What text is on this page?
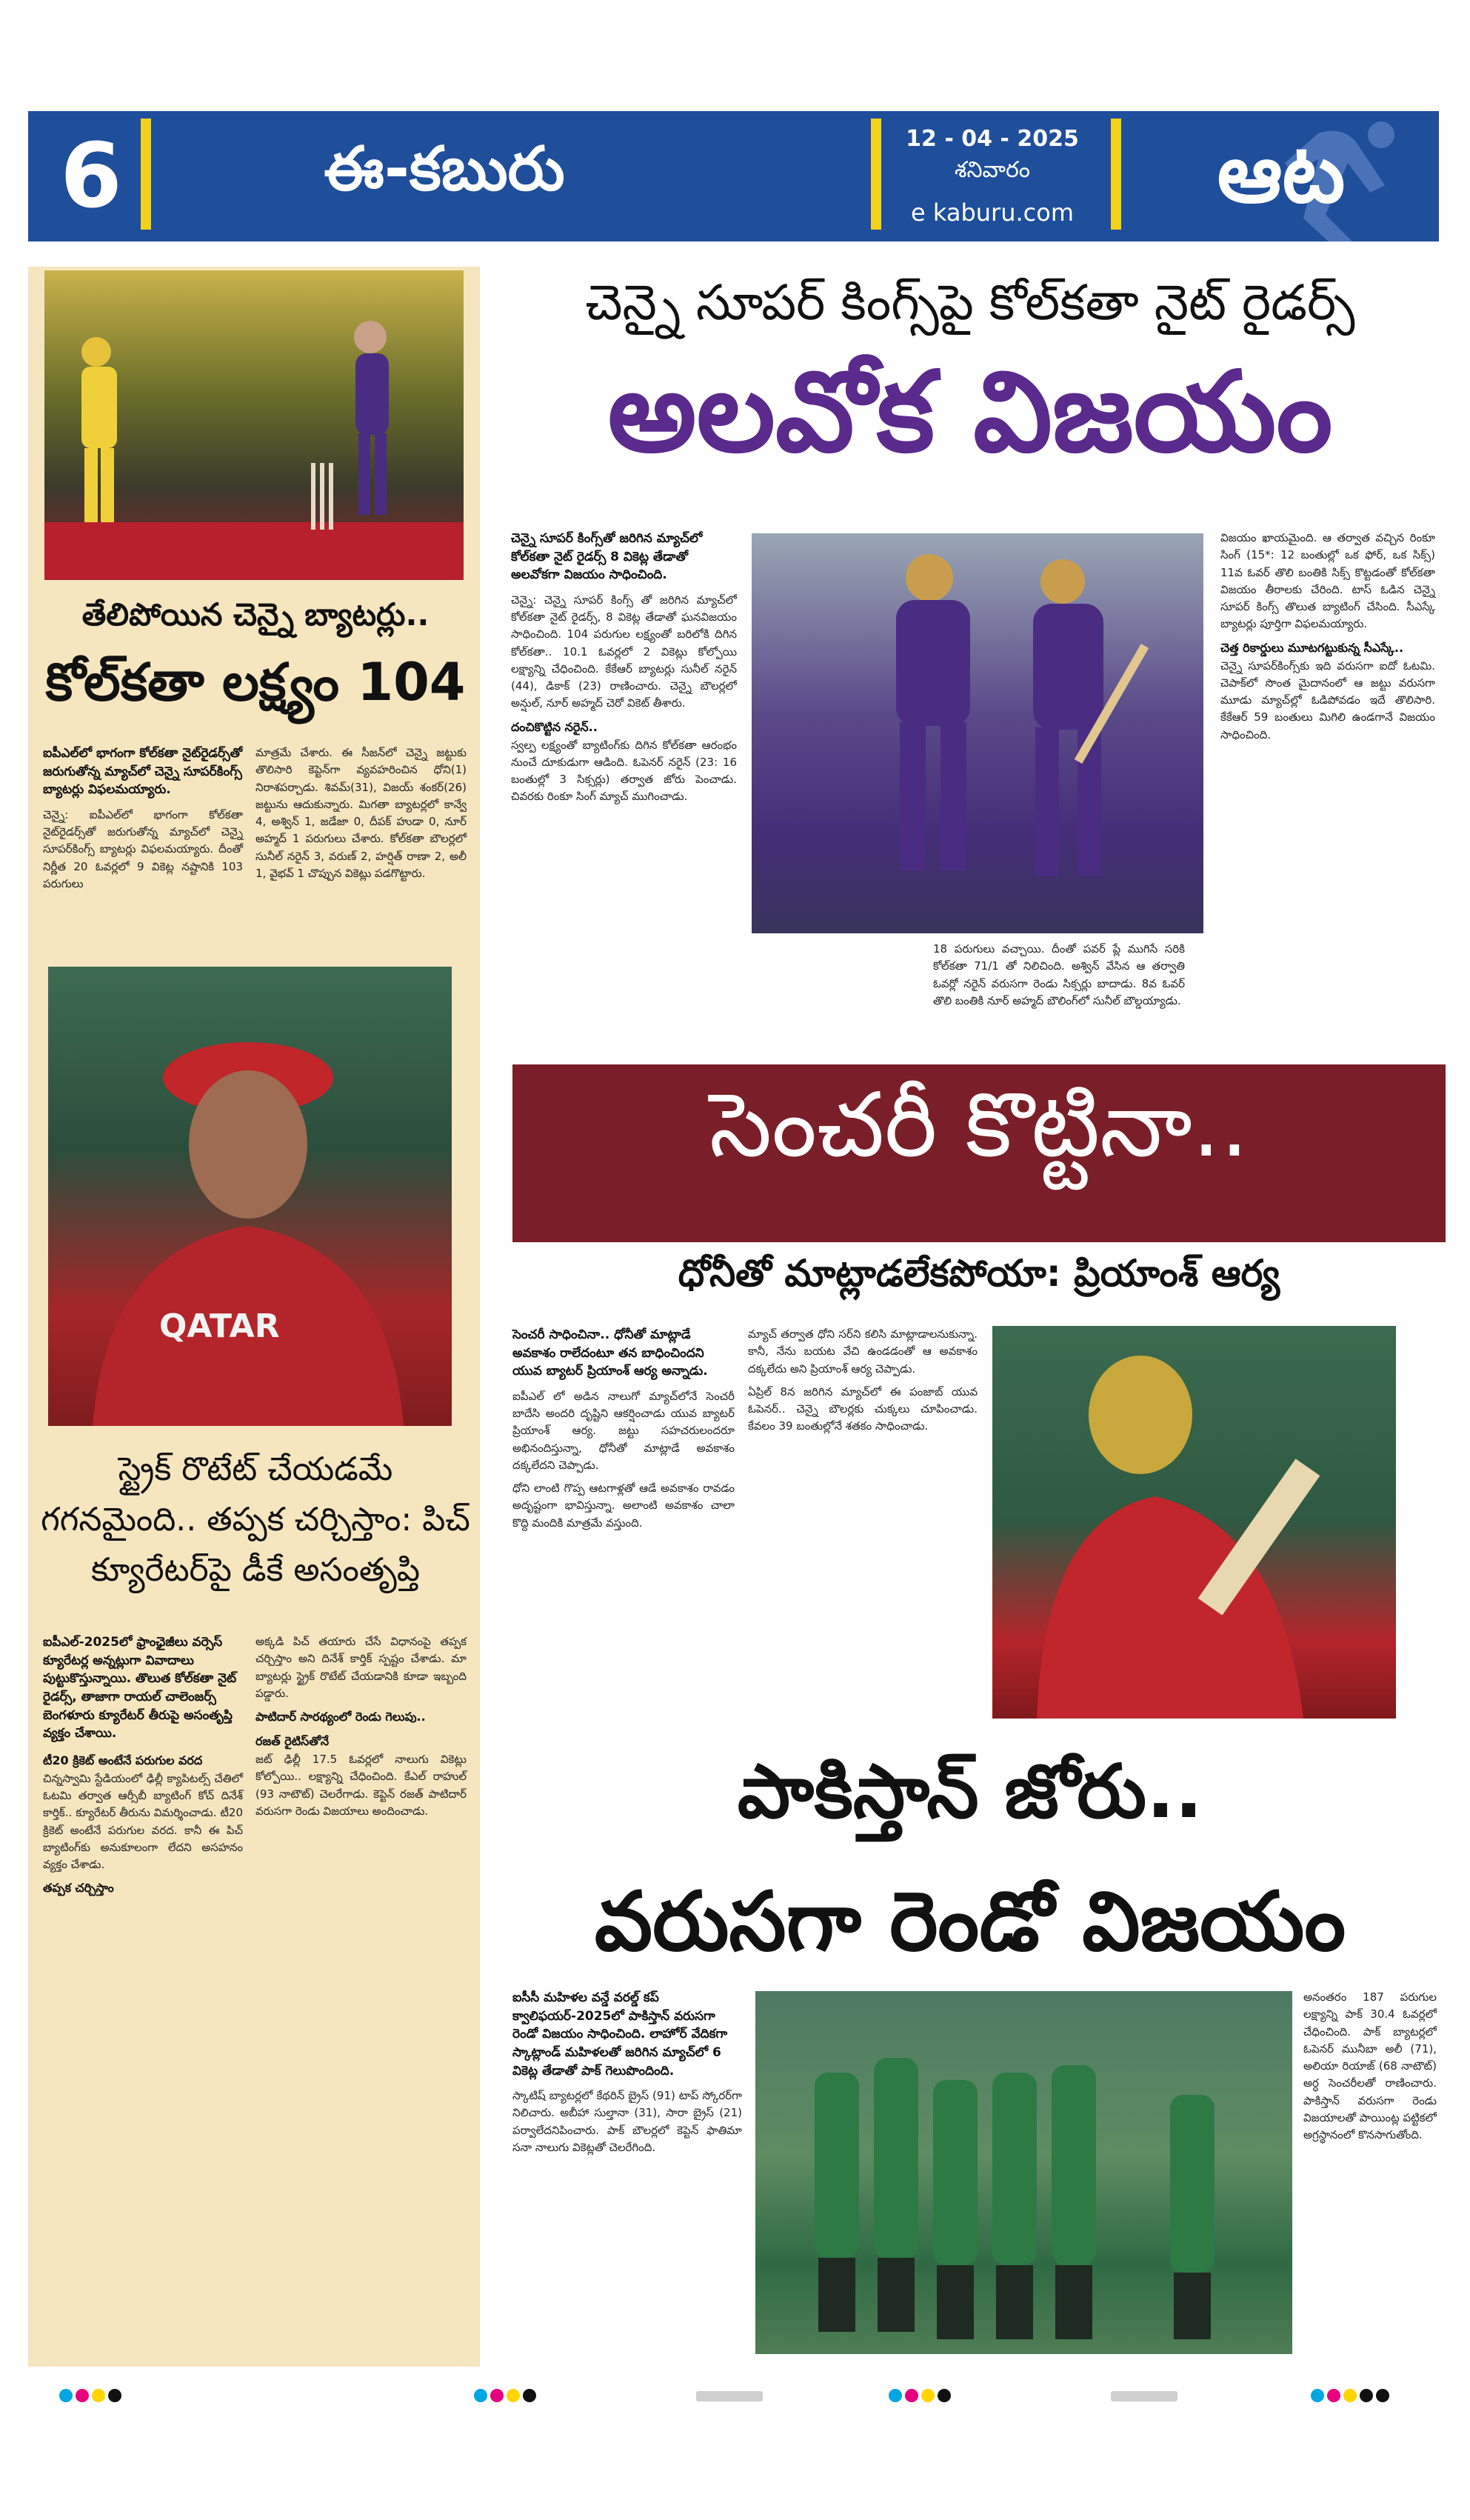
6	ఈ-కబురు	12 - 04 - 2025
శనివారం
e kaburu.com	ఆట
తేలిపోయిన చెన్నై బ్యాటర్లు..
కోల్‌కతా లక్ష్యం 104
ఐపీఎల్‌లో భాగంగా కోల్‌కతా నైట్‌రైడర్స్‌తో జరుగుతోన్న మ్యాచ్‌లో చెన్నై సూపర్‌కింగ్స్ బ్యాటర్లు విఫలమయ్యారు.
చెన్నై: ఐపీఎల్‌లో భాగంగా కోల్‌కతా నైట్‌రైడర్స్‌తో జరుగుతోన్న మ్యాచ్‌లో చెన్నై సూపర్‌కింగ్స్ బ్యాటర్లు విఫలమయ్యారు. దీంతో నిర్ణీత 20 ఓవర్లలో 9 వికెట్ల నష్టానికి 103 పరుగులు
మాత్రమే చేశారు. ఈ సీజన్‌లో చెన్నై జట్టుకు తొలిసారి కెప్టెన్‌గా వ్యవహరించిన ధోని(1) నిరాశపర్చాడు. శివమ్(31), విజయ్ శంకర్(26) జట్టును ఆదుకున్నారు. మిగతా బ్యాటర్లలో కాన్వే 4, అశ్విన్ 1, జడేజా 0, దీపక్ హుడా 0, నూర్ అహ్మద్ 1 పరుగులు చేశారు. కోల్‌కతా బౌలర్లలో సునీల్ నరైన్ 3, వరుణ్ 2, హర్షిత్ రాణా 2, అలీ 1, వైభవ్ 1 చొప్పున వికెట్లు పడగొట్టారు.
QATAR
స్ట్రైక్ రొటేట్ చేయడమే గగనమైంది.. తప్పక చర్చిస్తాం: పిచ్ క్యూరేటర్‌పై డీకే అసంతృప్తి
ఐపీఎల్-2025లో ఫ్రాంఛైజీలు వర్సెస్ క్యూరేటర్ల అన్నట్లుగా వివాదాలు పుట్టుకొస్తున్నాయి. తొలుత కోల్‌కతా నైట్ రైడర్స్, తాజాగా రాయల్ చాలెంజర్స్ బెంగళూరు క్యూరేటర్ తీరుపై అసంతృప్తి వ్యక్తం చేశాయి.
టీ20 క్రికెట్ అంటేనే పరుగుల వరద
చిన్నస్వామి స్టేడియంలో ఢిల్లీ క్యాపిటల్స్ చేతిలో ఓటమి తర్వాత ఆర్సీబీ బ్యాటింగ్ కోచ్ దినేశ్ కార్తిక్.. క్యూరేటర్ తీరును విమర్శించాడు. టీ20 క్రికెట్ అంటేనే పరుగుల వరద. కానీ ఈ పిచ్ బ్యాటింగ్‌కు అనుకూలంగా లేదని అసహనం వ్యక్తం చేశాడు.
తప్పక చర్చిస్తాం
అక్కడి పిచ్ తయారు చేసే విధానంపై తప్పక చర్చిస్తాం అని దినేశ్ కార్తిక్ స్పష్టం చేశాడు. మా బ్యాటర్లు స్ట్రైక్ రొటేట్ చేయడానికి కూడా ఇబ్బంది పడ్డారు.
పాటిదార్ సారథ్యంలో రెండు గెలుపు..
రజత్ రైటిస్‌తోనే
జట్ ఢిల్లీ 17.5 ఓవర్లలో నాలుగు వికెట్లు కోల్పోయి.. లక్ష్యాన్ని చేధించింది. కేఎల్ రాహుల్ (93 నాటౌట్) చెలరేగాడు. కెప్టెన్ రజత్ పాటిదార్ వరుసగా రెండు విజయాలు అందించాడు.
చెన్నై సూపర్ కింగ్స్‌పై కోల్‌కతా నైట్ రైడర్స్
అలవోక విజయం
చెన్నై సూపర్ కింగ్స్‌తో జరిగిన మ్యాచ్‌లో కోల్‌కతా నైట్ రైడర్స్ 8 వికెట్ల తేడాతో అలవోకగా విజయం సాధించింది.
చెన్నై: చెన్నై సూపర్ కింగ్స్ తో జరిగిన మ్యాచ్‌లో కోల్‌కతా నైట్ రైడర్స్, 8 వికెట్ల తేడాతో ఘనవిజయం సాధించింది. 104 పరుగుల లక్ష్యంతో బరిలోకి దిగిన కోల్‌కతా.. 10.1 ఓవర్లలో 2 వికెట్లు కోల్పోయి లక్ష్యాన్ని చేధించింది. కేకేఆర్ బ్యాటర్లు సునీల్ నరైన్ (44), డికాక్ (23) రాణించారు. చెన్నై బౌలర్లలో అన్షుల్, నూర్ అహ్మద్ చెరో వికెట్ తీశారు.
దంచికొట్టిన నరైన్..
స్వల్ప లక్ష్యంతో బ్యాటింగ్‌కు దిగిన కోల్‌కతా ఆరంభం నుంచే దూకుడుగా ఆడింది. ఓపెనర్ నరైన్ (23: 16 బంతుల్లో 3 సిక్సర్లు) తర్వాత జోరు పెంచాడు. చివరకు రింకూ సింగ్ మ్యాచ్ ముగించాడు.
18 పరుగులు వచ్చాయి. దీంతో పవర్ ప్లే ముగిసే సరికి కోల్‌కతా 71/1 తో నిలిచింది. అశ్విన్ వేసిన ఆ తర్వాతి ఓవర్లో నరైన్ వరుసగా రెండు సిక్సర్లు బాదాడు. 8వ ఓవర్ తొలి బంతికి నూర్ అహ్మద్ బౌలింగ్‌లో సునీల్ బౌల్డయ్యాడు.
విజయం ఖాయమైంది. ఆ తర్వాత వచ్చిన రింకూ సింగ్ (15*: 12 బంతుల్లో ఒక ఫోర్, ఒక సిక్స్) 11వ ఓవర్ తొలి బంతికి సిక్స్ కొట్టడంతో కోల్‌కతా విజయం తీరాలకు చేరింది. టాస్ ఓడిన చెన్నై సూపర్ కింగ్స్ తొలుత బ్యాటింగ్ చేసింది. సీఎస్కే బ్యాటర్లు పూర్తిగా విఫలమయ్యారు.
చెత్త రికార్డులు మూటగట్టుకున్న సీఎస్కే..
చెన్నై సూపర్‌కింగ్స్‌కు ఇది వరుసగా ఐదో ఓటమి. చెపాక్‌లో సొంత మైదానంలో ఆ జట్టు వరుసగా మూడు మ్యాచ్‌ల్లో ఓడిపోవడం ఇదే తొలిసారి. కేకేఆర్ 59 బంతులు మిగిలి ఉండగానే విజయం సాధించింది.
సెంచరీ కొట్టినా..
ధోనీతో మాట్లాడలేకపోయా: ప్రియాంశ్ ఆర్య
సెంచరీ సాధించినా.. ధోనీతో మాట్లాడే అవకాశం రాలేదంటూ తన బాధించిందని యువ బ్యాటర్ ప్రియాంశ్ ఆర్య అన్నాడు.
ఐపీఎల్ లో అడిన నాలుగో మ్యాచ్‌లోనే సెంచరీ బాదేసి అందరి దృష్టిని ఆకర్షించాడు యువ బ్యాటర్ ప్రియాంశ్ ఆర్య. జట్టు సహచరులందరూ అభినందిస్తున్నా, ధోనీతో మాట్లాడే అవకాశం దక్కలేదని చెప్పాడు.
ధోని లాంటి గొప్ప ఆటగాళ్లతో ఆడే అవకాశం రావడం అదృష్టంగా భావిస్తున్నా. అలాంటి అవకాశం చాలా కొద్ది మందికి మాత్రమే వస్తుంది.
మ్యాచ్ తర్వాత ధోని సర్‌ని కలిసి మాట్లాడాలనుకున్నా. కానీ, నేను బయట వేచి ఉండడంతో ఆ అవకాశం దక్కలేదు అని ప్రియాంశ్ ఆర్య చెప్పాడు.
ఏప్రిల్ 8న జరిగిన మ్యాచ్‌లో ఈ పంజాబ్ యువ ఓపెనర్.. చెన్నై బౌలర్లకు చుక్కలు చూపించాడు. కేవలం 39 బంతుల్లోనే శతకం సాధించాడు.
పాకిస్తాన్ జోరు..
వరుసగా రెండో విజయం
ఐసీసీ మహిళల వన్డే వరల్డ్ కప్ క్వాలిఫయర్-2025లో పాకిస్తాన్ వరుసగా రెండో విజయం సాధించింది. లాహోర్ వేదికగా స్కాట్లాండ్ మహిళలతో జరిగిన మ్యాచ్‌లో 6 వికెట్ల తేడాతో పాక్ గెలుపొందింది.
స్కాటిష్ బ్యాటర్లలో కేథరిన్ బ్రైస్ (91) టాప్ స్కోరర్‌గా నిలిచారు. అబీహా సుల్తానా (31), సారా బ్రైస్ (21) పర్వాలేదనిపించారు. పాక్ బౌలర్లలో కెప్టెన్ ఫాతిమా సనా నాలుగు వికెట్లతో చెలరేగింది.
అనంతరం 187 పరుగుల లక్ష్యాన్ని పాక్ 30.4 ఓవర్లలో చేధించింది. పాక్ బ్యాటర్లలో ఓపెనర్ మునీబా అలీ (71), అలియా రియాజ్ (68 నాటౌట్) అర్ధ సెంచరీలతో రాణించారు. పాకిస్తాన్ వరుసగా రెండు విజయాలతో పాయింట్ల పట్టికలో అగ్రస్థానంలో కొనసాగుతోంది.
